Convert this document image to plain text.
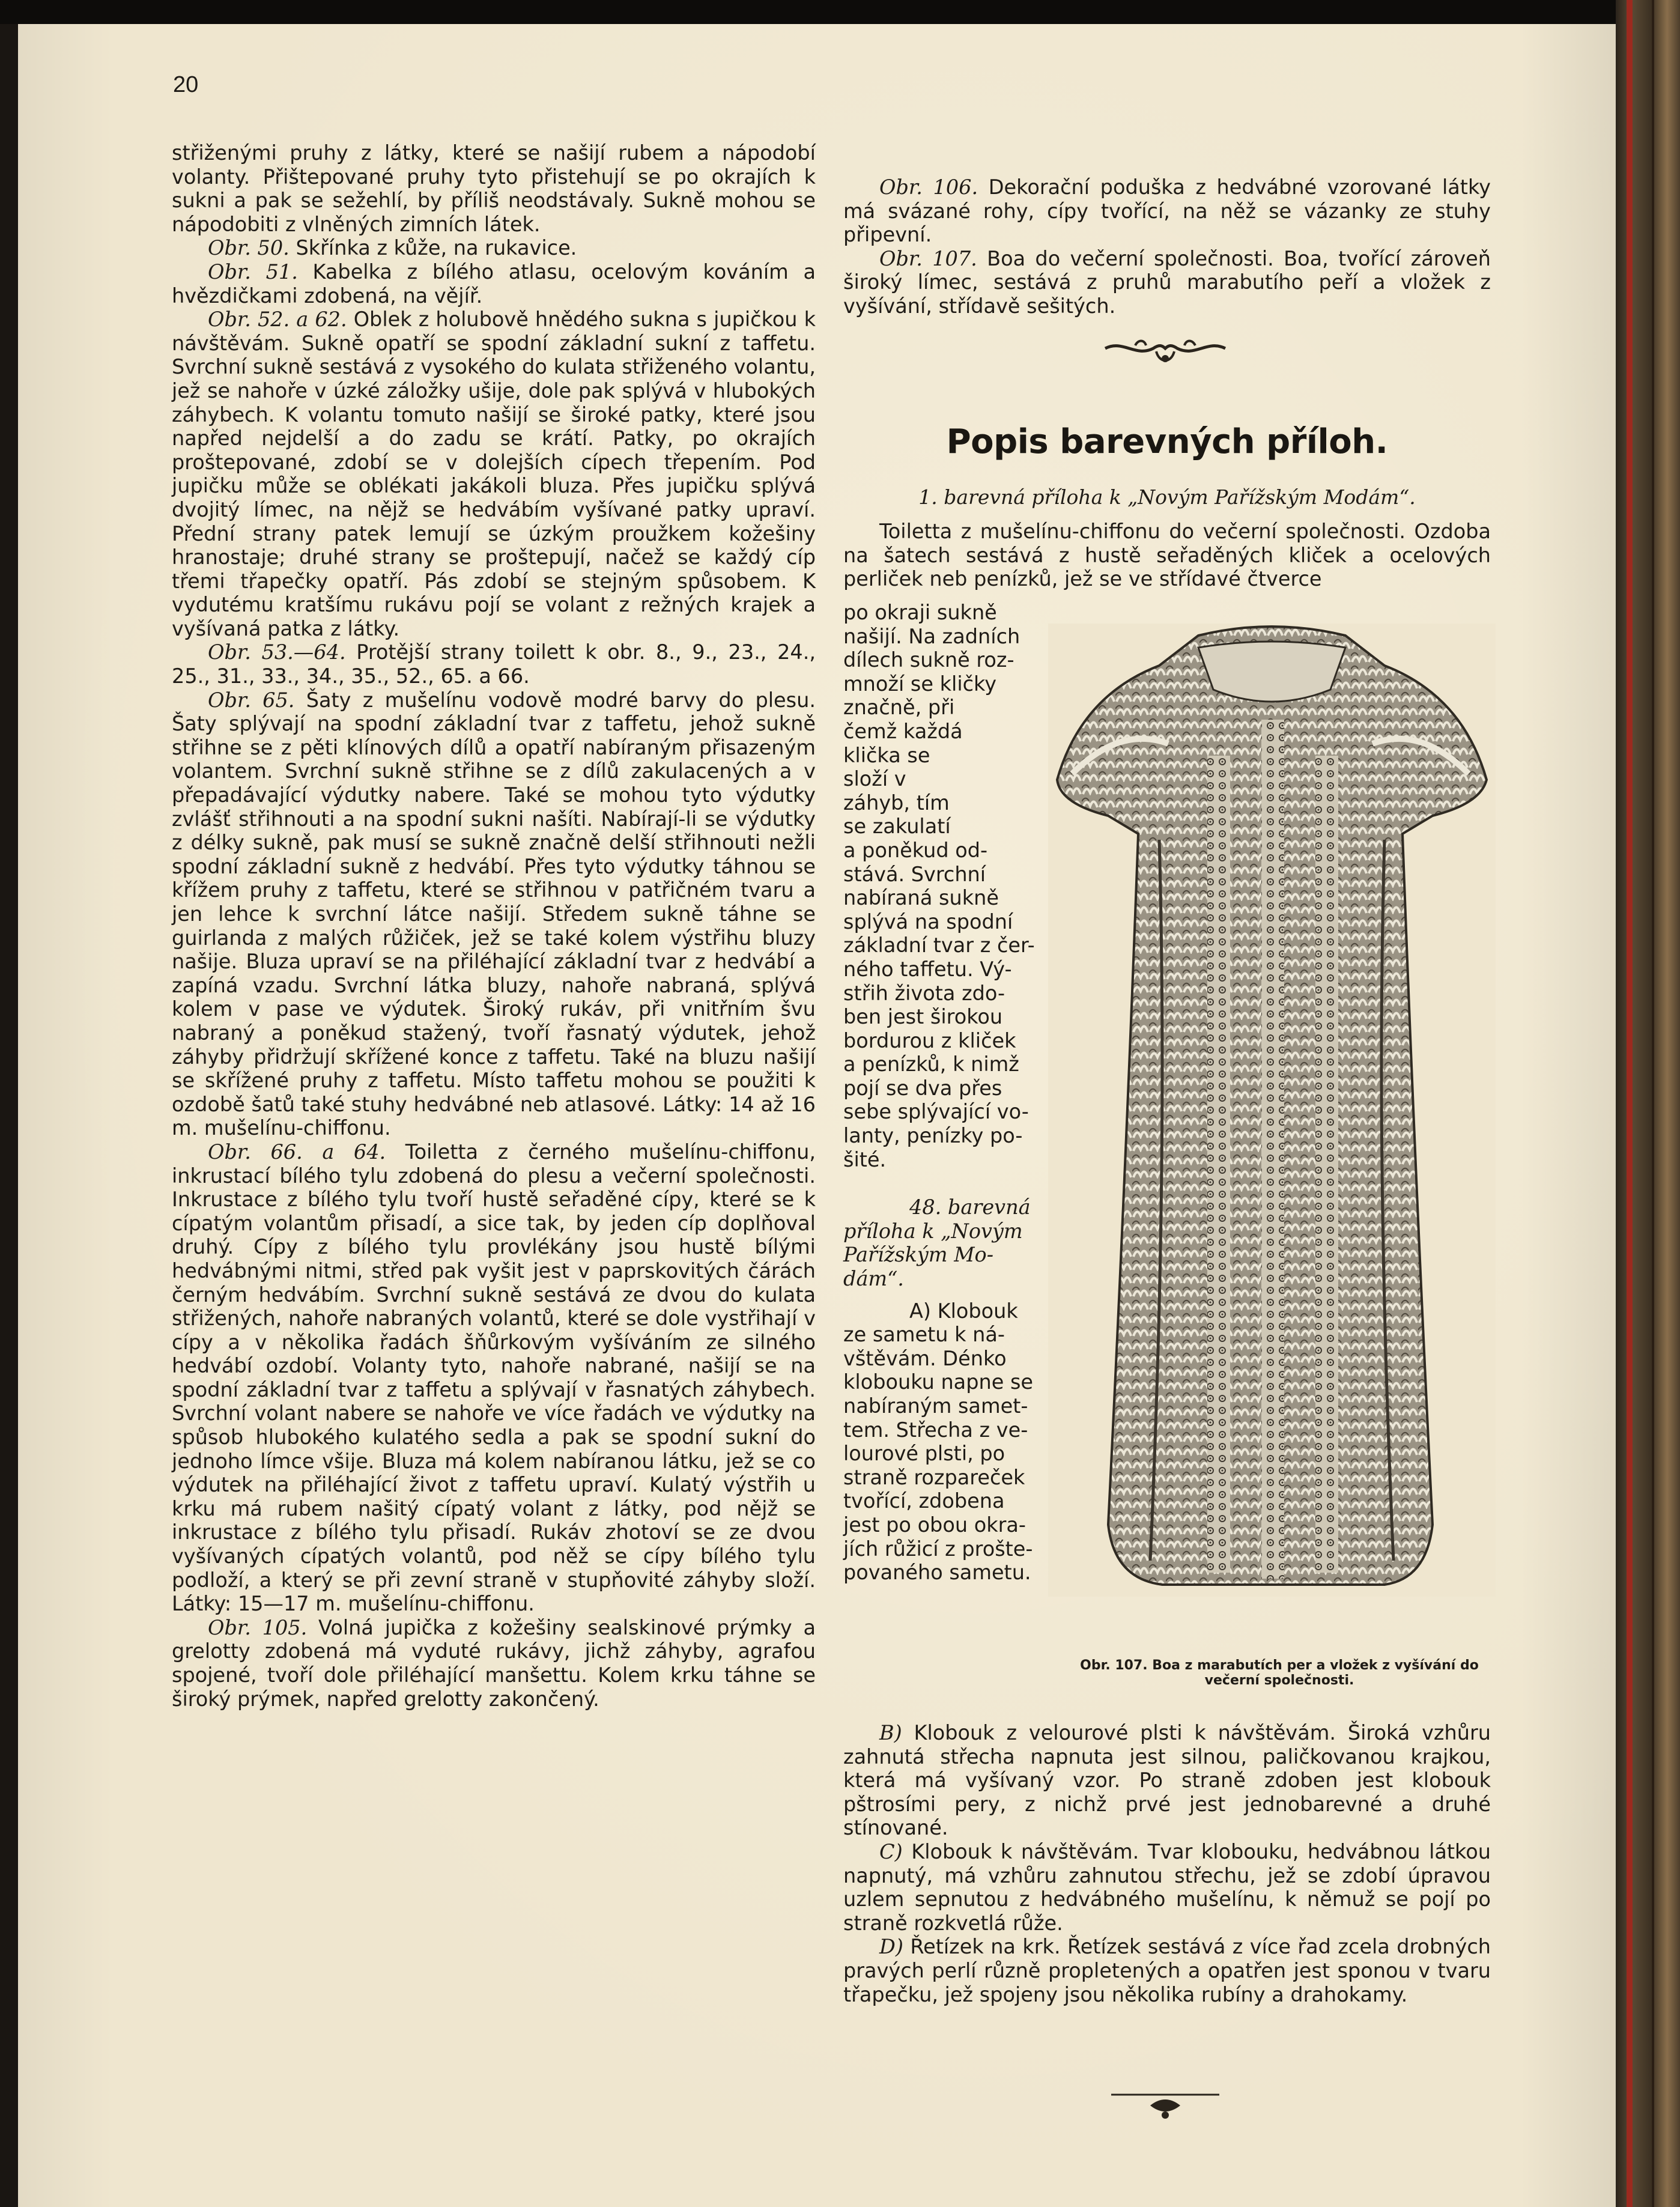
20

střiženými pruhy z látky, které se našijí rubem a nápodobí volanty. Přištepované pruhy tyto přistehují se po okrajích k sukni a pak se sežehlí, by příliš neodstávaly. Sukně mohou se nápodobiti z vlněných zimních látek.

Obr. 50. Skřínka z kůže, na rukavice.

Obr. 51. Kabelka z bílého atlasu, ocelovým kováním a hvězdičkami zdobená, na vějíř.

Obr. 52. a 62. Oblek z holubově hnědého sukna s jupičkou k návštěvám. Sukně opatří se spodní základní sukní z taffetu. Svrchní sukně sestává z vysokého do kulata střiženého volantu, jež se nahoře v úzké záložky ušije, dole pak splývá v hlubokých záhybech. K volantu tomuto našijí se široké patky, které jsou napřed nejdelší a do zadu se krátí. Patky, po okrajích proštepované, zdobí se v dolejších cípech třepením. Pod jupičku může se oblékati jakákoli bluza. Přes jupičku splývá dvojitý límec, na nějž se hedvábím vyšívané patky upraví. Přední strany patek lemují se úzkým proužkem kožešiny hranostaje; druhé strany se proštepují, načež se každý cíp třemi třapečky opatří. Pás zdobí se stejným spůsobem. K vydutému kratšímu rukávu pojí se volant z režných krajek a vyšívaná patka z látky.

Obr. 53.—64. Protější strany toilett k obr. 8., 9., 23., 24., 25., 31., 33., 34., 35., 52., 65. a 66.

Obr. 65. Šaty z mušelínu vodově modré barvy do plesu. Šaty splývají na spodní základní tvar z taffetu, jehož sukně střihne se z pěti klínových dílů a opatří nabíraným přisazeným volantem. Svrchní sukně střihne se z dílů zakulacených a v přepadávající výdutky nabere. Také se mohou tyto výdutky zvlášť střihnouti a na spodní sukni našíti. Nabírají-li se výdutky z délky sukně, pak musí se sukně značně delší střihnouti nežli spodní základní sukně z hedvábí. Přes tyto výdutky táhnou se křížem pruhy z taffetu, které se střihnou v patřičném tvaru a jen lehce k svrchní látce našijí. Středem sukně táhne se guirlanda z malých růžiček, jež se také kolem výstřihu bluzy našije. Bluza upraví se na přiléhající základní tvar z hedvábí a zapíná vzadu. Svrchní látka bluzy, nahoře nabraná, splývá kolem v pase ve výdutek. Široký rukáv, při vnitřním švu nabraný a poněkud stažený, tvoří řasnatý výdutek, jehož záhyby přidržují skřížené konce z taffetu. Také na bluzu našijí se skřížené pruhy z taffetu. Místo taffetu mohou se použiti k ozdobě šatů také stuhy hedvábné neb atlasové. Látky: 14 až 16 m. mušelínu-chiffonu.

Obr. 66. a 64. Toiletta z černého mušelínu-chiffonu, inkrustací bílého tylu zdobená do plesu a večerní společnosti. Inkrustace z bílého tylu tvoří hustě seřaděné cípy, které se k cípatým volantům přisadí, a sice tak, by jeden cíp doplňoval druhý. Cípy z bílého tylu provlékány jsou hustě bílými hedvábnými nitmi, střed pak vyšit jest v paprskovitých čárách černým hedvábím. Svrchní sukně sestává ze dvou do kulata střižených, nahoře nabraných volantů, které se dole vystřihají v cípy a v několika řadách šňůrkovým vyšíváním ze silného hedvábí ozdobí. Volanty tyto, nahoře nabrané, našijí se na spodní základní tvar z taffetu a splývají v řasnatých záhybech. Svrchní volant nabere se nahoře ve více řadách ve výdutky na spůsob hlubokého kulatého sedla a pak se spodní sukní do jednoho límce všije. Bluza má kolem nabíranou látku, jež se co výdutek na přiléhající život z taffetu upraví. Kulatý výstřih u krku má rubem našitý cípatý volant z látky, pod nějž se inkrustace z bílého tylu přisadí. Rukáv zhotoví se ze dvou vyšívaných cípatých volantů, pod něž se cípy bílého tylu podloží, a který se při zevní straně v stupňovité záhyby složí. Látky: 15—17 m. mušelínu-chiffonu.

Obr. 105. Volná jupička z kožešiny sealskinové prýmky a grelotty zdobená má vyduté rukávy, jichž záhyby, agrafou spojené, tvoří dole přiléhající manšettu. Kolem krku táhne se široký prýmek, napřed grelotty zakončený.

Obr. 106. Dekorační poduška z hedvábné vzorované látky má svázané rohy, cípy tvořící, na něž se vázanky ze stuhy připevní.

Obr. 107. Boa do večerní společnosti. Boa, tvořící zároveň široký límec, sestává z pruhů marabutího peří a vložek z vyšívání, střídavě sešitých.

Popis barevných příloh.
1. barevná příloha k „Novým Pařížským Modám“.

Toiletta z mušelínu-chiffonu do večerní společnosti. Ozdoba na šatech sestává z hustě seřaděných kliček a ocelových perliček neb penízků, jež se ve střídavé čtverce

po okraji sukně
našijí. Na zadních
dílech sukně roz-
množí se kličky
značně, při
čemž každá
klička se
složí v
záhyb, tím
se zakulatí
a poněkud od-
stává. Svrchní
nabíraná sukně
splývá na spodní
základní tvar z čer-
ného taffetu. Vý-
střih života zdo-
ben jest širokou
bordurou z kliček
a penízků, k nimž
pojí se dva přes
sebe splývající vo-
lanty, penízky po-
šité.
48. barevná
příloha k „Novým
Pařížským Mo-
dám“.
A) Klobouk
ze sametu k ná-
vštěvám. Dénko
klobouku napne se
nabíraným samet-
tem. Střecha z ve-
lourové plsti, po
straně rozpareček
tvořící, zdobena
jest po obou okra-
jích růžicí z prošte-
povaného sametu.
Obr. 107. Boa z marabutích per a vložek z vyšívání do večerní společnosti.

B) Klobouk z velourové plsti k návštěvám. Široká vzhůru zahnutá střecha napnuta jest silnou, paličkovanou krajkou, která má vyšívaný vzor. Po straně zdoben jest klobouk pštrosími pery, z nichž prvé jest jednobarevné a druhé stínované.

C) Klobouk k návštěvám. Tvar klobouku, hedvábnou látkou napnutý, má vzhůru zahnutou střechu, jež se zdobí úpravou uzlem sepnutou z hedvábného mušelínu, k němuž se pojí po straně rozkvetlá růže.

D) Řetízek na krk. Řetízek sestává z více řad zcela drobných pravých perlí různě propletených a opatřen jest sponou v tvaru třapečku, jež spojeny jsou několika rubíny a drahokamy.
